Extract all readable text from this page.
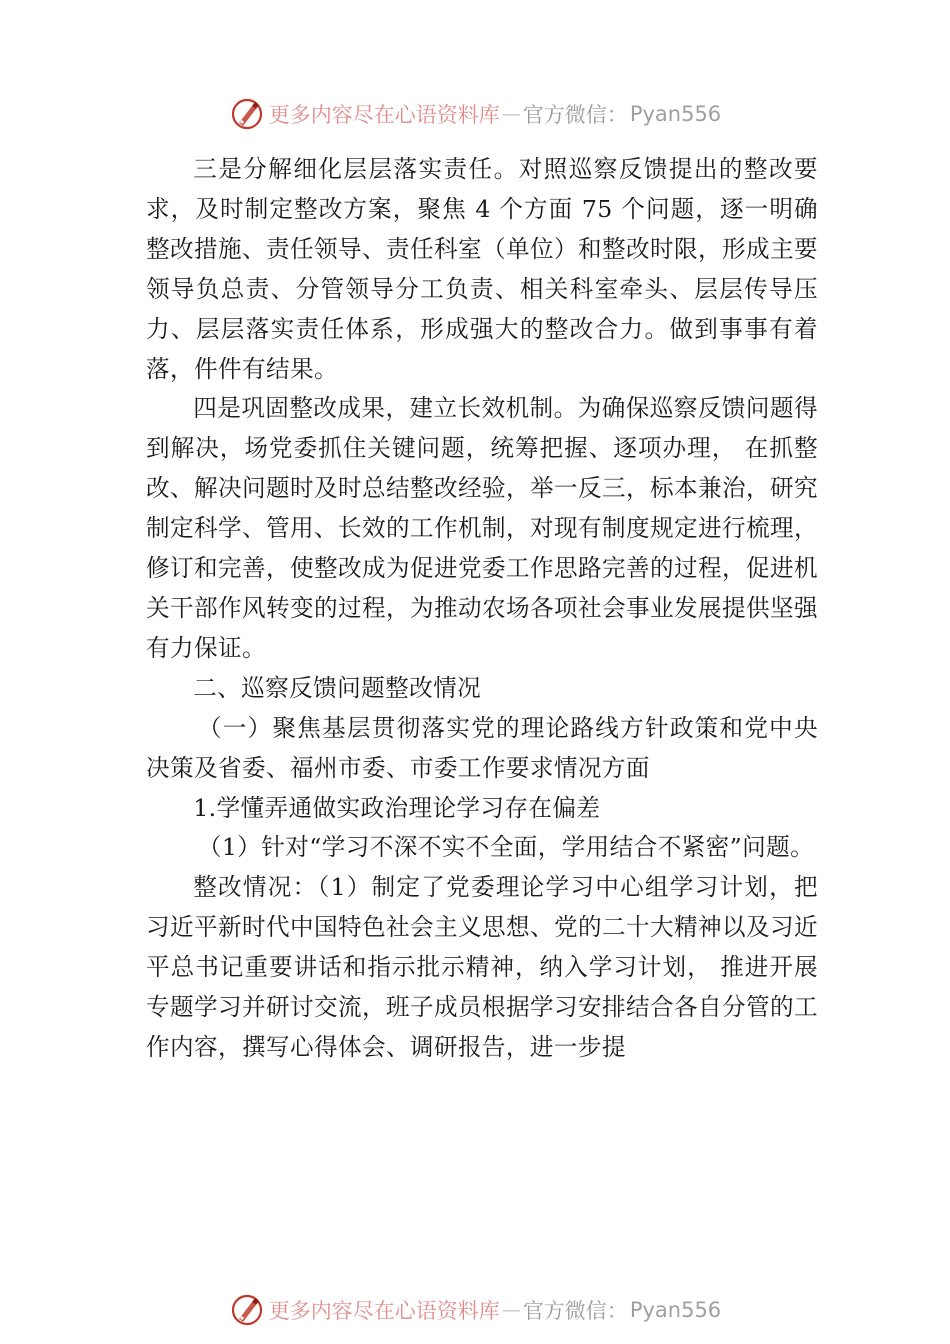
更多内容尽在心语资料库 — 官方微信： Pyan556

三是分解细化层层落实责任。对照巡察反馈提出的整改要求，及时制定整改方案，聚焦 4 个方面 75 个问题，逐一明确整改措施、责任领导、责任科室（单位）和整改时限，形成主要领导负总责、分管领导分工负责、相关科室牵头、层层传导压力、层层落实责任体系，形成强大的整改合力。做到事事有着落，件件有结果。

四是巩固整改成果，建立长效机制。为确保巡察反馈问题得到解决，场党委抓住关键问题，统筹把握、逐项办理， 在抓整改、解决问题时及时总结整改经验，举一反三，标本兼治，研究制定科学、管用、长效的工作机制，对现有制度规定进行梳理，修订和完善，使整改成为促进党委工作思路完善的过程，促进机关干部作风转变的过程，为推动农场各项社会事业发展提供坚强有力保证。

二、巡察反馈问题整改情况

（一）聚焦基层贯彻落实党的理论路线方针政策和党中央决策及省委、福州市委、市委工作要求情况方面

1.学懂弄通做实政治理论学习存在偏差

（1）针对“学习不深不实不全面，学用结合不紧密”问题。

整改情况：（1）制定了党委理论学习中心组学习计划，把习近平新时代中国特色社会主义思想、党的二十大精神以及习近平总书记重要讲话和指示批示精神，纳入学习计划， 推进开展专题学习并研讨交流，班子成员根据学习安排结合各自分管的工作内容，撰写心得体会、调研报告，进一步提

更多内容尽在心语资料库 — 官方微信： Pyan556
